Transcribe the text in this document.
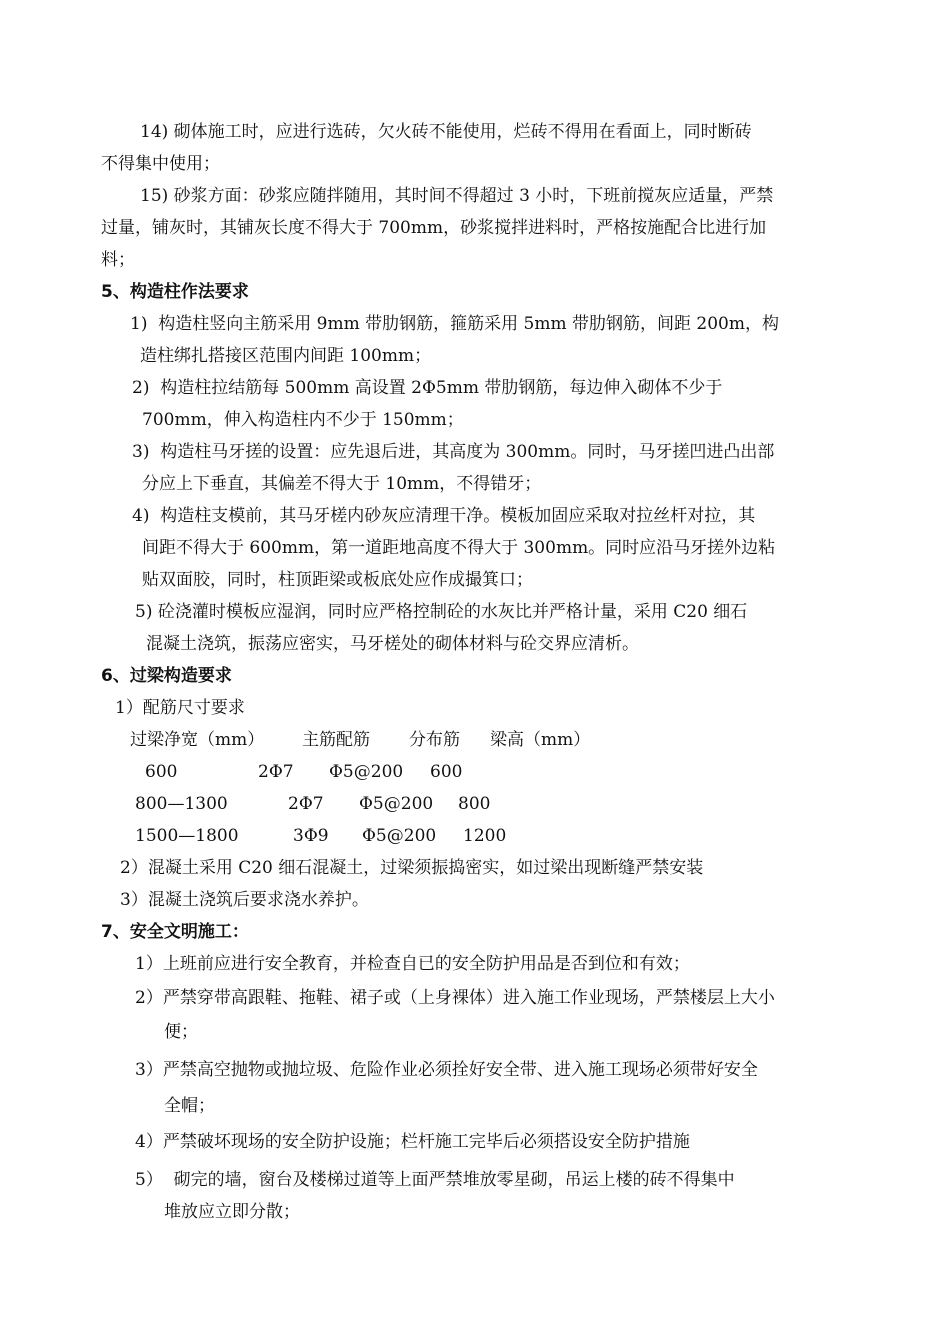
14) 砌体施工时，应进行选砖，欠火砖不能使用，烂砖不得用在看面上，同时断砖
不得集中使用；
15) 砂浆方面：砂浆应随拌随用，其时间不得超过 3 小时，下班前搅灰应适量，严禁
过量，铺灰时，其铺灰长度不得大于 700mm，砂浆搅拌进料时，严格按施配合比进行加
料；
5、构造柱作法要求
1)  构造柱竖向主筋采用 9mm 带肋钢筋，箍筋采用 5mm 带肋钢筋，间距 200m，构
造柱绑扎搭接区范围内间距 100mm；
2)  构造柱拉结筋每 500mm 高设置 2Φ5mm 带肋钢筋，每边伸入砌体不少于
700mm，伸入构造柱内不少于 150mm；
3)  构造柱马牙搓的设置：应先退后进，其高度为 300mm。同时，马牙搓凹进凸出部
分应上下垂直，其偏差不得大于 10mm，不得错牙；
4)  构造柱支模前，其马牙槎内砂灰应清理干净。模板加固应采取对拉丝杆对拉，其
间距不得大于 600mm，第一道距地高度不得大于 300mm。同时应沿马牙搓外边粘
贴双面胶，同时，柱顶距梁或板底处应作成撮箕口；
5) 砼浇灌时模板应湿润，同时应严格控制砼的水灰比并严格计量，采用 C20 细石
混凝土浇筑，振荡应密实，马牙槎处的砌体材料与砼交界应清析。
6、过梁构造要求
1）配筋尺寸要求
过梁净宽（mm） 主筋配筋 分布筋 梁高（mm）
600	2Φ7 Φ5@200 600
800—1300	2Φ7 Φ5@200 800
1500—1800	3Φ9 Φ5@200 1200
2）混凝土采用 C20 细石混凝土，过梁须振捣密实，如过梁出现断缝严禁安装
3）混凝土浇筑后要求浇水养护。
7、安全文明施工：
1）上班前应进行安全教育，并检查自已的安全防护用品是否到位和有效；
2）严禁穿带高跟鞋、拖鞋、裙子或（上身裸体）进入施工作业现场，严禁楼层上大小
便；
3）严禁高空抛物或抛垃圾、危险作业必须拴好安全带、进入施工现场必须带好安全
全帽；
4）严禁破坏现场的安全防护设施；栏杆施工完毕后必须搭设安全防护措施
5）  砌完的墙，窗台及楼梯过道等上面严禁堆放零星砌，吊运上楼的砖不得集中
堆放应立即分散；
